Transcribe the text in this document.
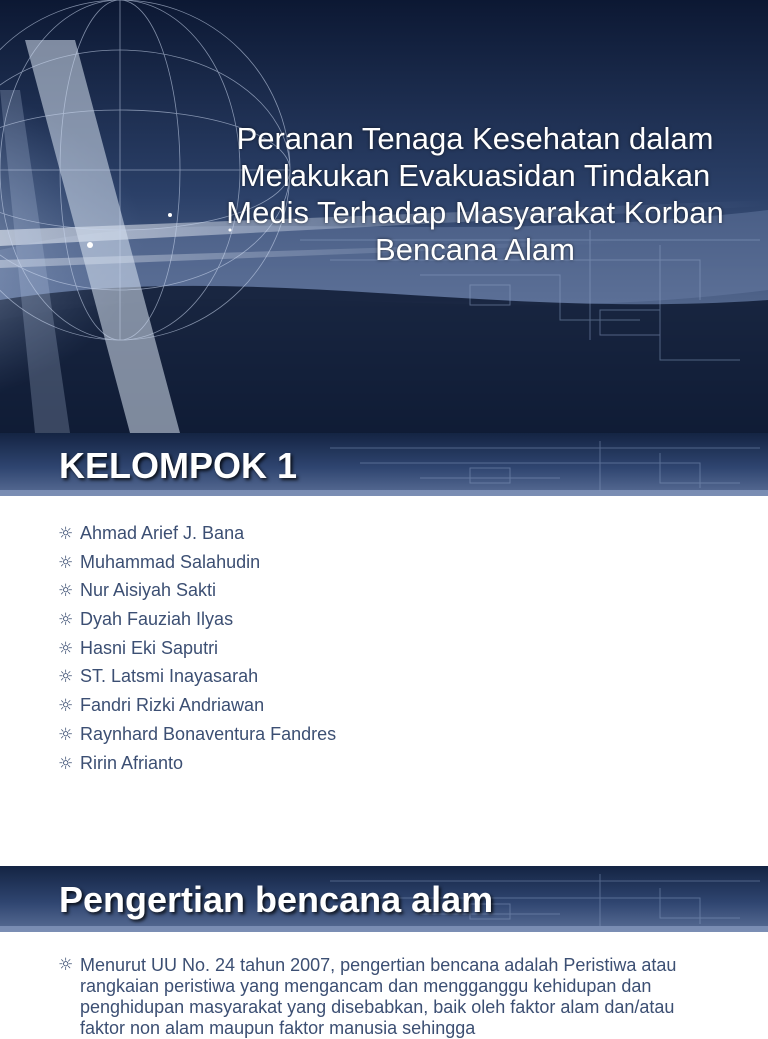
Peranan Tenaga Kesehatan dalam Melakukan Evakuasidan Tindakan Medis Terhadap Masyarakat Korban Bencana Alam
KELOMPOK 1
☼ Ahmad Arief J. Bana
☼ Muhammad Salahudin
☼ Nur Aisiyah Sakti
☼ Dyah Fauziah Ilyas
☼ Hasni Eki Saputri
☼ ST. Latsmi Inayasarah
☼ Fandri Rizki Andriawan
☼ Raynhard Bonaventura Fandres
☼ Ririn Afrianto
Pengertian bencana alam
☼ Menurut UU No. 24 tahun 2007, pengertian bencana adalah Peristiwa atau rangkaian peristiwa yang mengancam dan mengganggu kehidupan dan penghidupan masyarakat yang disebabkan, baik oleh faktor alam dan/atau faktor non alam maupun faktor manusia sehingga
